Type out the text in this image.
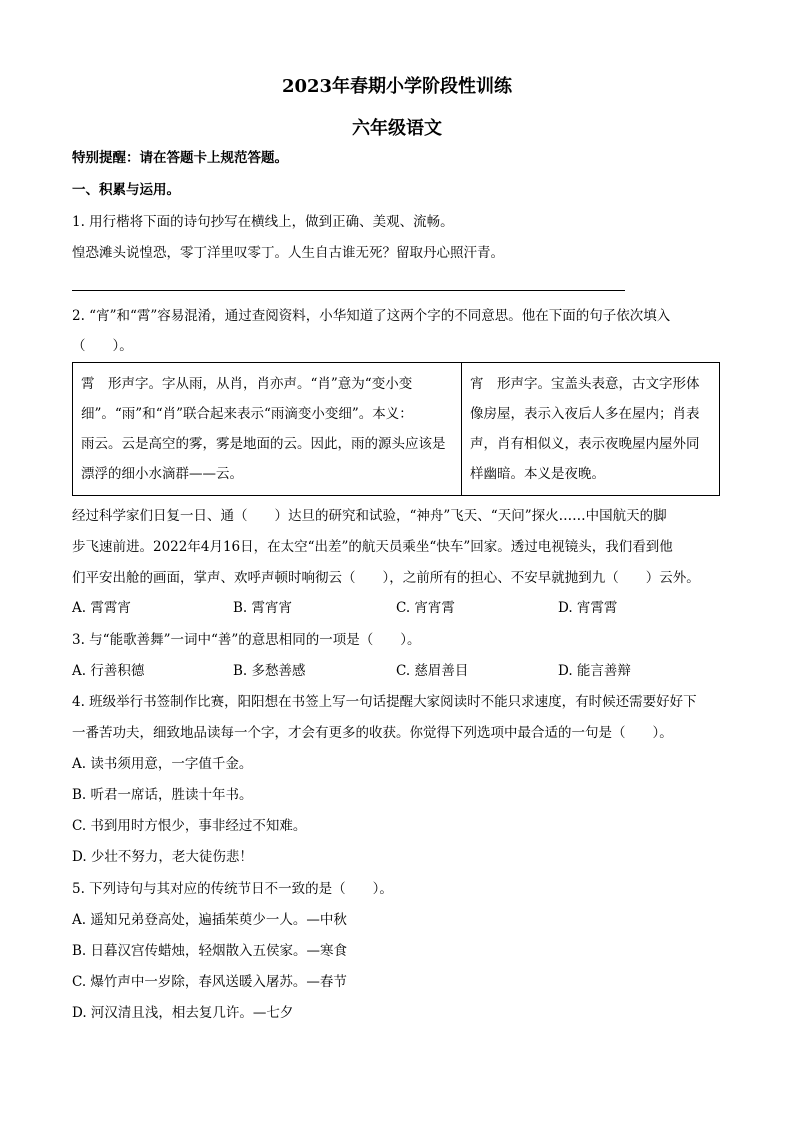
2023年春期小学阶段性训练
六年级语文
特别提醒：请在答题卡上规范答题。
一、积累与运用。
1. 用行楷将下面的诗句抄写在横线上，做到正确、美观、流畅。
惶恐滩头说惶恐，零丁洋里叹零丁。人生自古谁无死？留取丹心照汗青。
2. “宵”和“霄”容易混淆，通过查阅资料，小华知道了这两个字的不同意思。他在下面的句子依次填入
（　　）。
霄　形声字。字从雨，从肖，肖亦声。“肖”意为“变小变
细”。“雨”和“肖”联合起来表示“雨滴变小变细”。本义：
雨云。云是高空的雾，雾是地面的云。因此，雨的源头应该是
漂浮的细小水滴群——云。
宵　形声字。宝盖头表意，古文字形体
像房屋，表示入夜后人多在屋内；肖表
声，肖有相似义，表示夜晚屋内屋外同
样幽暗。本义是夜晚。
经过科学家们日复一日、通（　　）达旦的研究和试验，“神舟”飞天、“天问”探火……中国航天的脚
步飞速前进。2022年4月16日，在太空“出差”的航天员乘坐“快车”回家。透过电视镜头，我们看到他
们平安出舱的画面，掌声、欢呼声顿时响彻云（　　），之前所有的担心、不安早就抛到九（　　）云外。
A. 霄霄宵	B. 霄宵宵	C. 宵宵霄	D. 宵霄霄
3. 与“能歌善舞”一词中“善”的意思相同的一项是（　　）。
A. 行善积德	B. 多愁善感	C. 慈眉善目	D. 能言善辩
4. 班级举行书签制作比赛，阳阳想在书签上写一句话提醒大家阅读时不能只求速度，有时候还需要好好下
一番苦功夫，细致地品读每一个字，才会有更多的收获。你觉得下列选项中最合适的一句是（　　）。
A. 读书须用意，一字值千金。
B. 听君一席话，胜读十年书。
C. 书到用时方恨少，事非经过不知难。
D. 少壮不努力，老大徒伤悲！
5. 下列诗句与其对应的传统节日不一致的是（　　）。
A. 遥知兄弟登高处，遍插茱萸少一人。—中秋
B. 日暮汉宫传蜡烛，轻烟散入五侯家。—寒食
C. 爆竹声中一岁除，春风送暖入屠苏。—春节
D. 河汉清且浅，相去复几许。—七夕
